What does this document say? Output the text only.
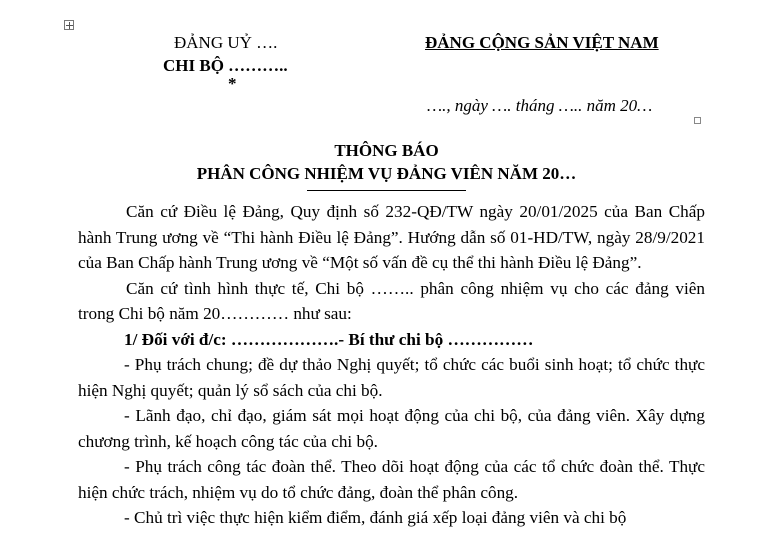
ĐẢNG UỶ ….
CHI BỘ ………..
*
ĐẢNG CỘNG SẢN VIỆT NAM
…., ngày …. tháng ….. năm 20…
THÔNG BÁO
PHÂN CÔNG NHIỆM VỤ ĐẢNG VIÊN NĂM 20…

Căn cứ Điều lệ Đảng, Quy định số 232-QĐ/TW ngày 20/01/2025 của Ban Chấp hành Trung ương về “Thi hành Điều lệ Đảng”. Hướng dẫn số 01-HD/TW, ngày 28/9/2021 của Ban Chấp hành Trung ương về “Một số vấn đề cụ thể thi hành Điều lệ Đảng”.

Căn cứ tình hình thực tế, Chi bộ …….. phân công nhiệm vụ cho các đảng viên trong Chi bộ năm 20………… như sau:

1/ Đối với đ/c: ……………….- Bí thư chi bộ ……………

- Phụ trách chung; đề dự thảo Nghị quyết; tổ chức các buổi sinh hoạt; tổ chức thực hiện Nghị quyết; quản lý sổ sách của chi bộ.

- Lãnh đạo, chỉ đạo, giám sát mọi hoạt động của chi bộ, của đảng viên. Xây dựng chương trình, kế hoạch công tác của chi bộ.

- Phụ trách công tác đoàn thể. Theo dõi hoạt động của các tổ chức đoàn thể. Thực hiện chức trách, nhiệm vụ do tổ chức đảng, đoàn thể phân công.

- Chủ trì việc thực hiện kiểm điểm, đánh giá xếp loại đảng viên và chi bộ
